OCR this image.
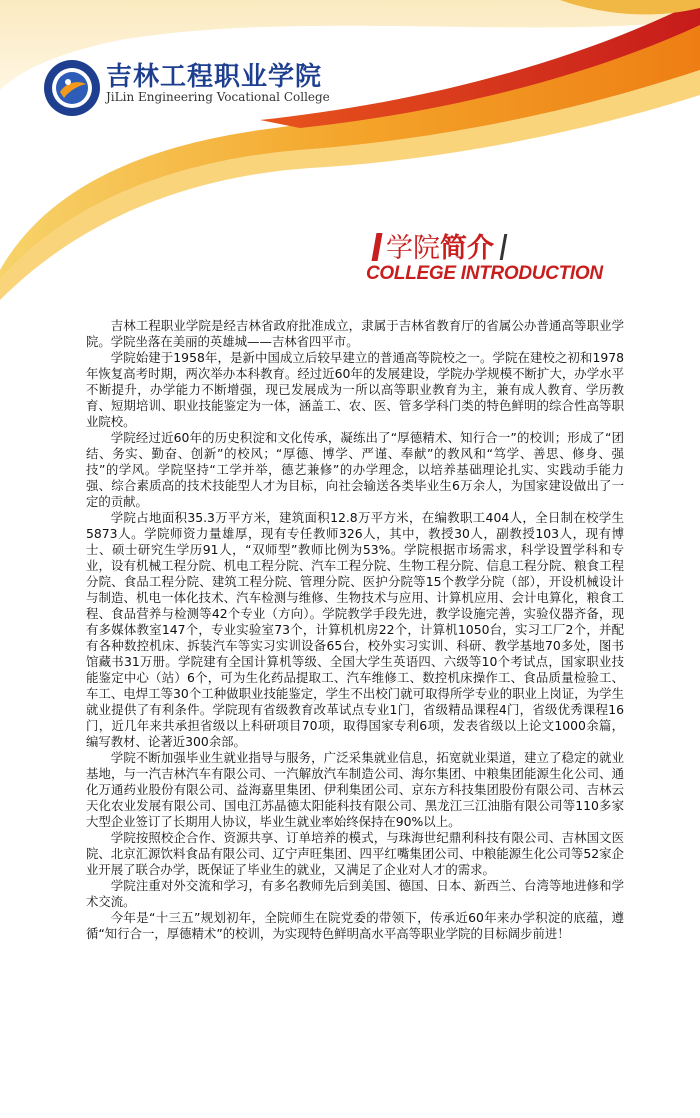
吉林工程职业学院
JiLin Engineering Vocational College
学院简介
COLLEGE INTRODUCTION

吉林工程职业学院是经吉林省政府批准成立，隶属于吉林省教育厅的省属公办普通高等职业学院。学院坐落在美丽的英雄城——吉林省四平市。

学院始建于1958年，是新中国成立后较早建立的普通高等院校之一。学院在建校之初和1978年恢复高考时期，两次举办本科教育。经过近60年的发展建设，学院办学规模不断扩大，办学水平不断提升，办学能力不断增强，现已发展成为一所以高等职业教育为主，兼有成人教育、学历教育、短期培训、职业技能鉴定为一体，涵盖工、农、医、管多学科门类的特色鲜明的综合性高等职业院校。

学院经过近60年的历史积淀和文化传承，凝练出了“厚德精术、知行合一”的校训；形成了“团结、务实、勤奋、创新”的校风；“厚德、博学、严谨、奉献”的教风和“笃学、善思、修身、强技”的学风。学院坚持“工学并举，德艺兼修”的办学理念，以培养基础理论扎实、实践动手能力强、综合素质高的技术技能型人才为目标，向社会输送各类毕业生6万余人，为国家建设做出了一定的贡献。

学院占地面积35.3万平方米，建筑面积12.8万平方米，在编教职工404人，全日制在校学生5873人。学院师资力量雄厚，现有专任教师326人，其中，教授30人，副教授103人，现有博士、硕士研究生学历91人，“双师型”教师比例为53%。学院根据市场需求，科学设置学科和专业，设有机械工程分院、机电工程分院、汽车工程分院、生物工程分院、信息工程分院、粮食工程分院、食品工程分院、建筑工程分院、管理分院、医护分院等15个教学分院（部），开设机械设计与制造、机电一体化技术、汽车检测与维修、生物技术与应用、计算机应用、会计电算化，粮食工程、食品营养与检测等42个专业（方向）。学院教学手段先进，教学设施完善，实验仪器齐备，现有多媒体教室147个，专业实验室73个，计算机机房22个，计算机1050台，实习工厂2个，并配有各种数控机床、拆装汽车等实习实训设备65台，校外实习实训、科研、教学基地70多处，图书馆藏书31万册。学院建有全国计算机等级、全国大学生英语四、六级等10个考试点，国家职业技能鉴定中心（站）6个，可为生化药品提取工、汽车维修工、数控机床操作工、食品质量检验工、车工、电焊工等30个工种做职业技能鉴定，学生不出校门就可取得所学专业的职业上岗证，为学生就业提供了有利条件。学院现有省级教育改革试点专业1门，省级精品课程4门，省级优秀课程16门，近几年来共承担省级以上科研项目70项，取得国家专利6项，发表省级以上论文1000余篇，编写教材、论著近300余部。

学院不断加强毕业生就业指导与服务，广泛采集就业信息，拓宽就业渠道，建立了稳定的就业基地，与一汽吉林汽车有限公司、一汽解放汽车制造公司、海尔集团、中粮集团能源生化公司、通化万通药业股份有限公司、益海嘉里集团、伊利集团公司、京东方科技集团股份有限公司、吉林云天化农业发展有限公司、国电江苏晶德太阳能科技有限公司、黑龙江三江油脂有限公司等110多家大型企业签订了长期用人协议，毕业生就业率始终保持在90%以上。

学院按照校企合作、资源共享、订单培养的模式，与珠海世纪鼎利科技有限公司、吉林国文医院、北京汇源饮料食品有限公司、辽宁声旺集团、四平红嘴集团公司、中粮能源生化公司等52家企业开展了联合办学，既保证了毕业生的就业，又满足了企业对人才的需求。

学院注重对外交流和学习，有多名教师先后到美国、德国、日本、新西兰、台湾等地进修和学术交流。

今年是“十三五”规划初年，全院师生在院党委的带领下，传承近60年来办学积淀的底蕴，遵循“知行合一，厚德精术”的校训，为实现特色鲜明高水平高等职业学院的目标阔步前进！
